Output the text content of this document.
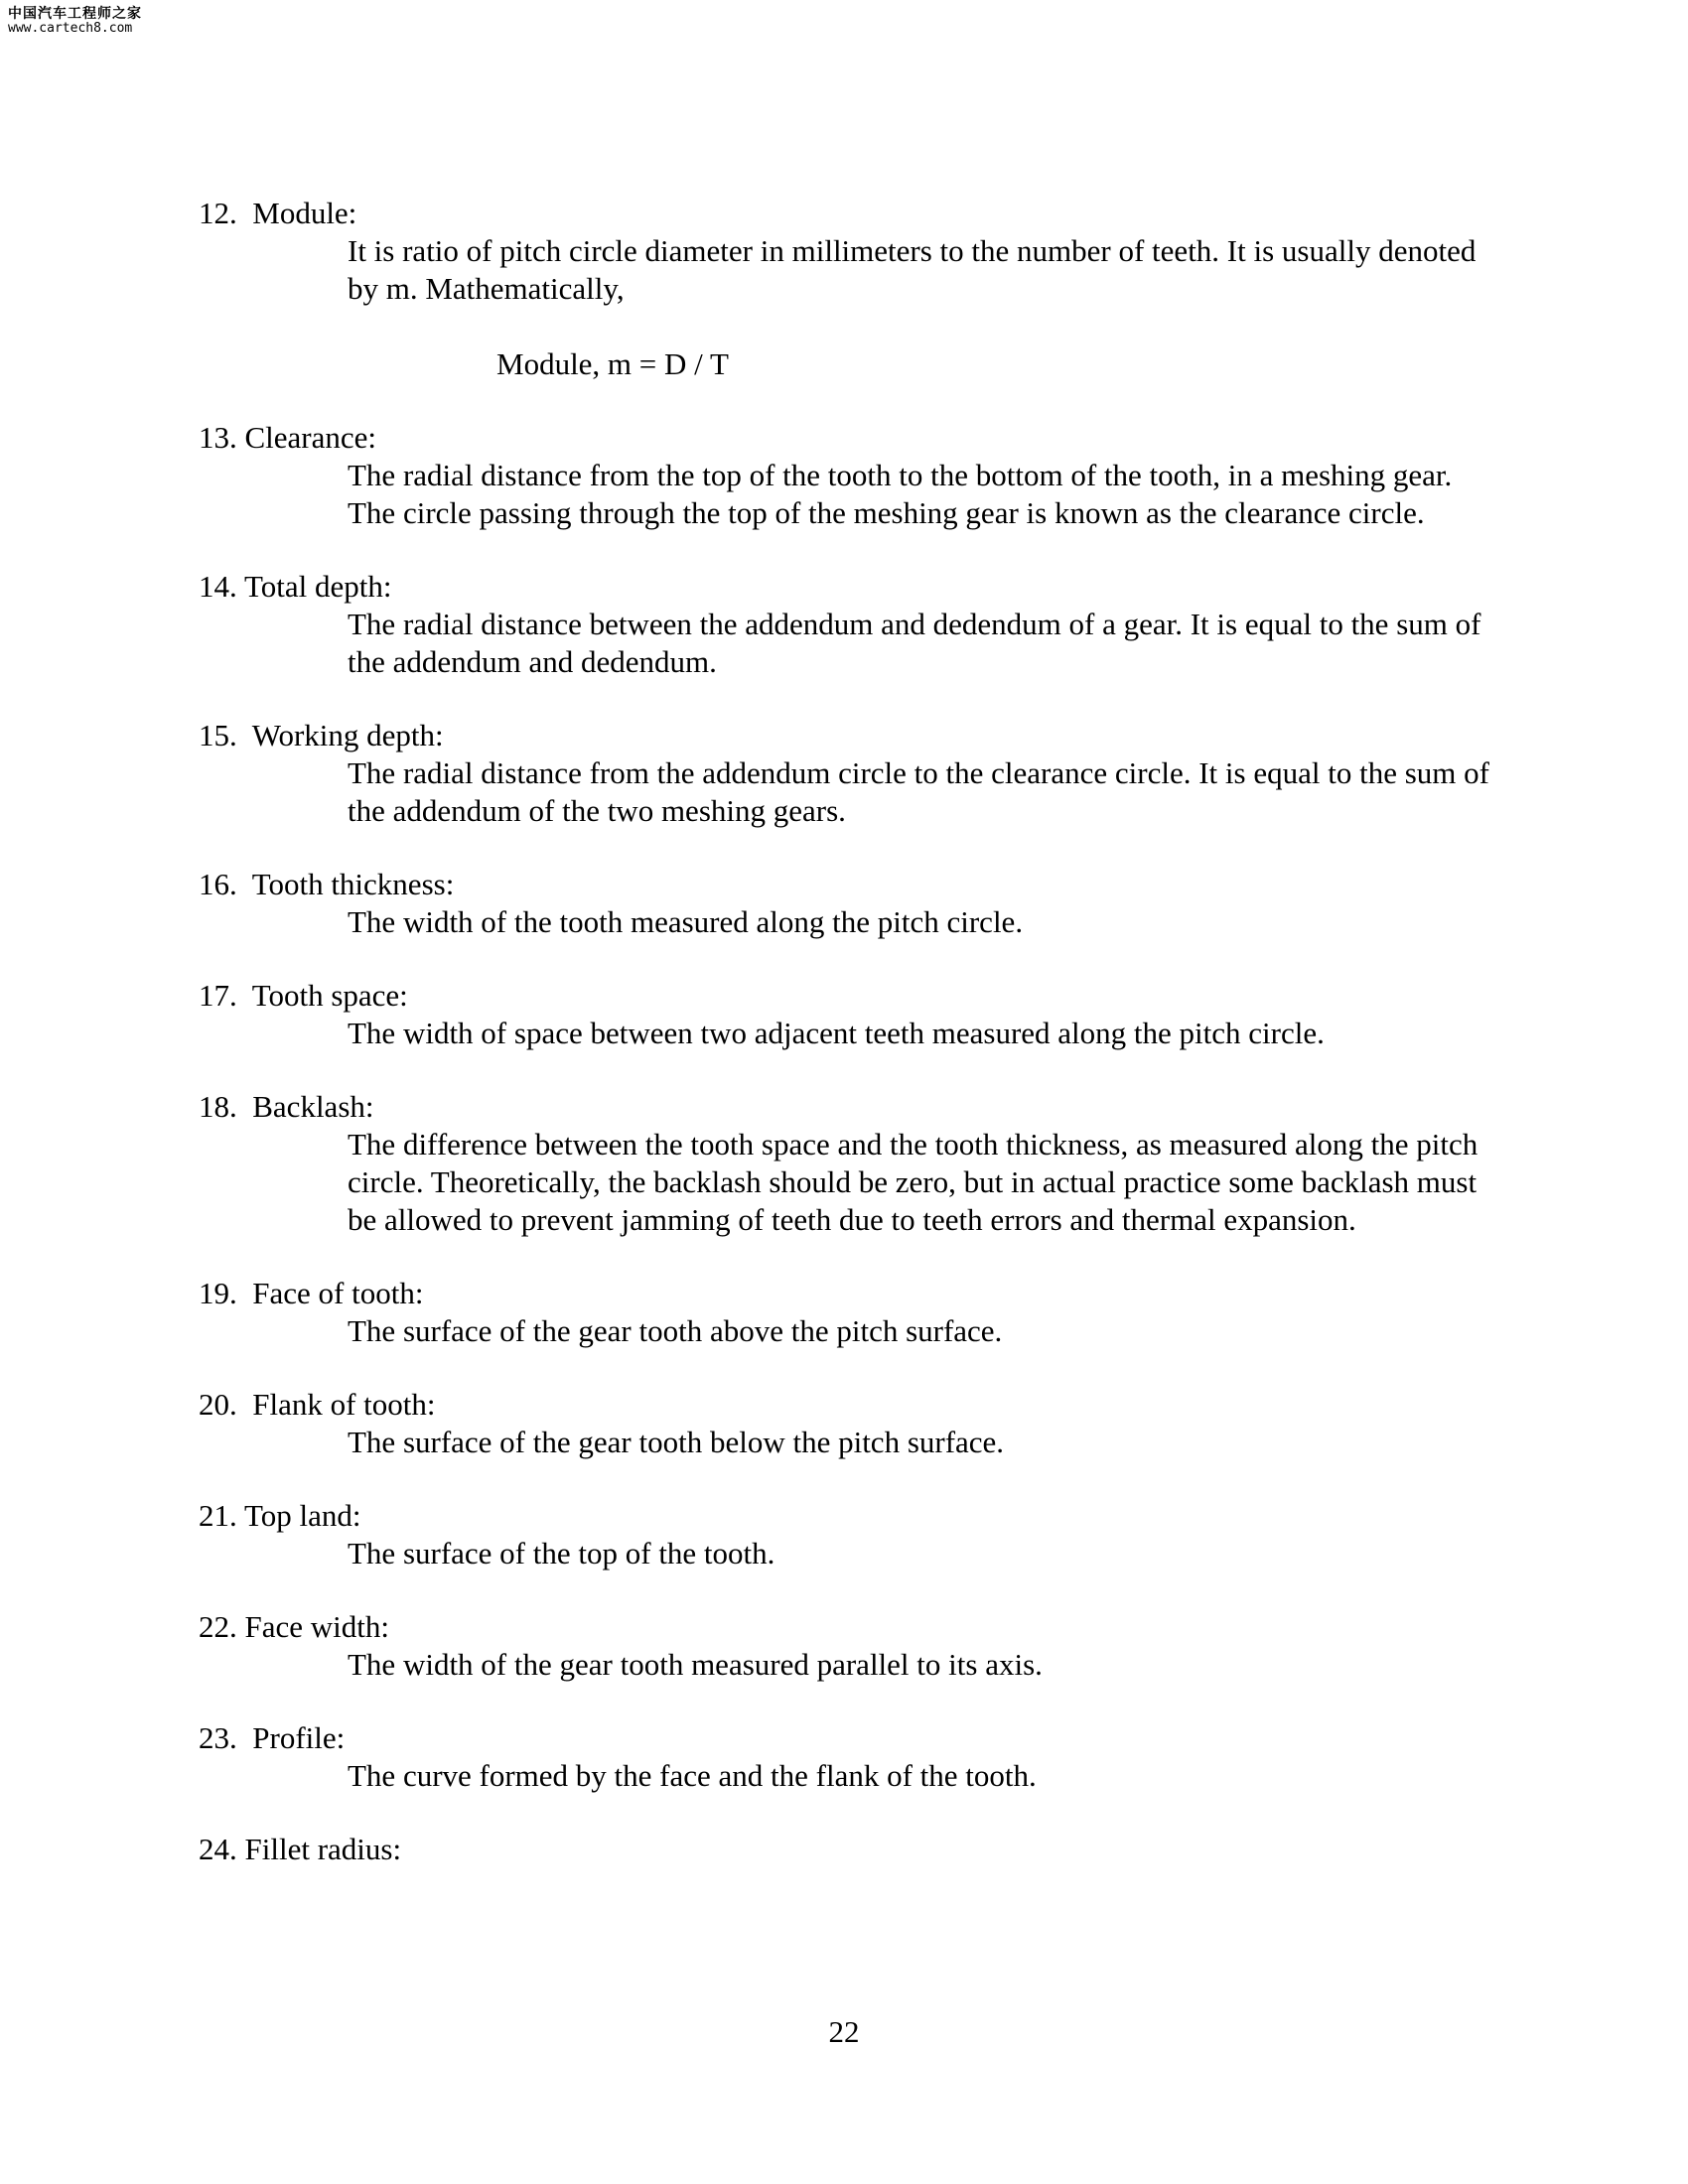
中国汽车工程师之家
www.cartech8.com
12.  Module:
It is ratio of pitch circle diameter in millimeters to the number of teeth. It is usually denoted by m. Mathematically,
Module, m = D / T
13. Clearance:
The radial distance from the top of the tooth to the bottom of the tooth, in a meshing gear. The circle passing through the top of the meshing gear is known as the clearance circle.
14. Total depth:
The radial distance between the addendum and dedendum of a gear. It is equal to the sum of the addendum and dedendum.
15.  Working depth:
The radial distance from the addendum circle to the clearance circle. It is equal to the sum of the addendum of the two meshing gears.
16.  Tooth thickness:
The width of the tooth measured along the pitch circle.
17.  Tooth space:
The width of space between two adjacent teeth measured along the pitch circle.
18.  Backlash:
The difference between the tooth space and the tooth thickness, as measured along the pitch circle. Theoretically, the backlash should be zero, but in actual practice some backlash must be allowed to prevent jamming of teeth due to teeth errors and thermal expansion.
19.  Face of tooth:
The surface of the gear tooth above the pitch surface.
20.  Flank of tooth:
The surface of the gear tooth below the pitch surface.
21. Top land:
The surface of the top of the tooth.
22. Face width:
The width of the gear tooth measured parallel to its axis.
23.  Profile:
The curve formed by the face and the flank of the tooth.
24. Fillet radius:
22
